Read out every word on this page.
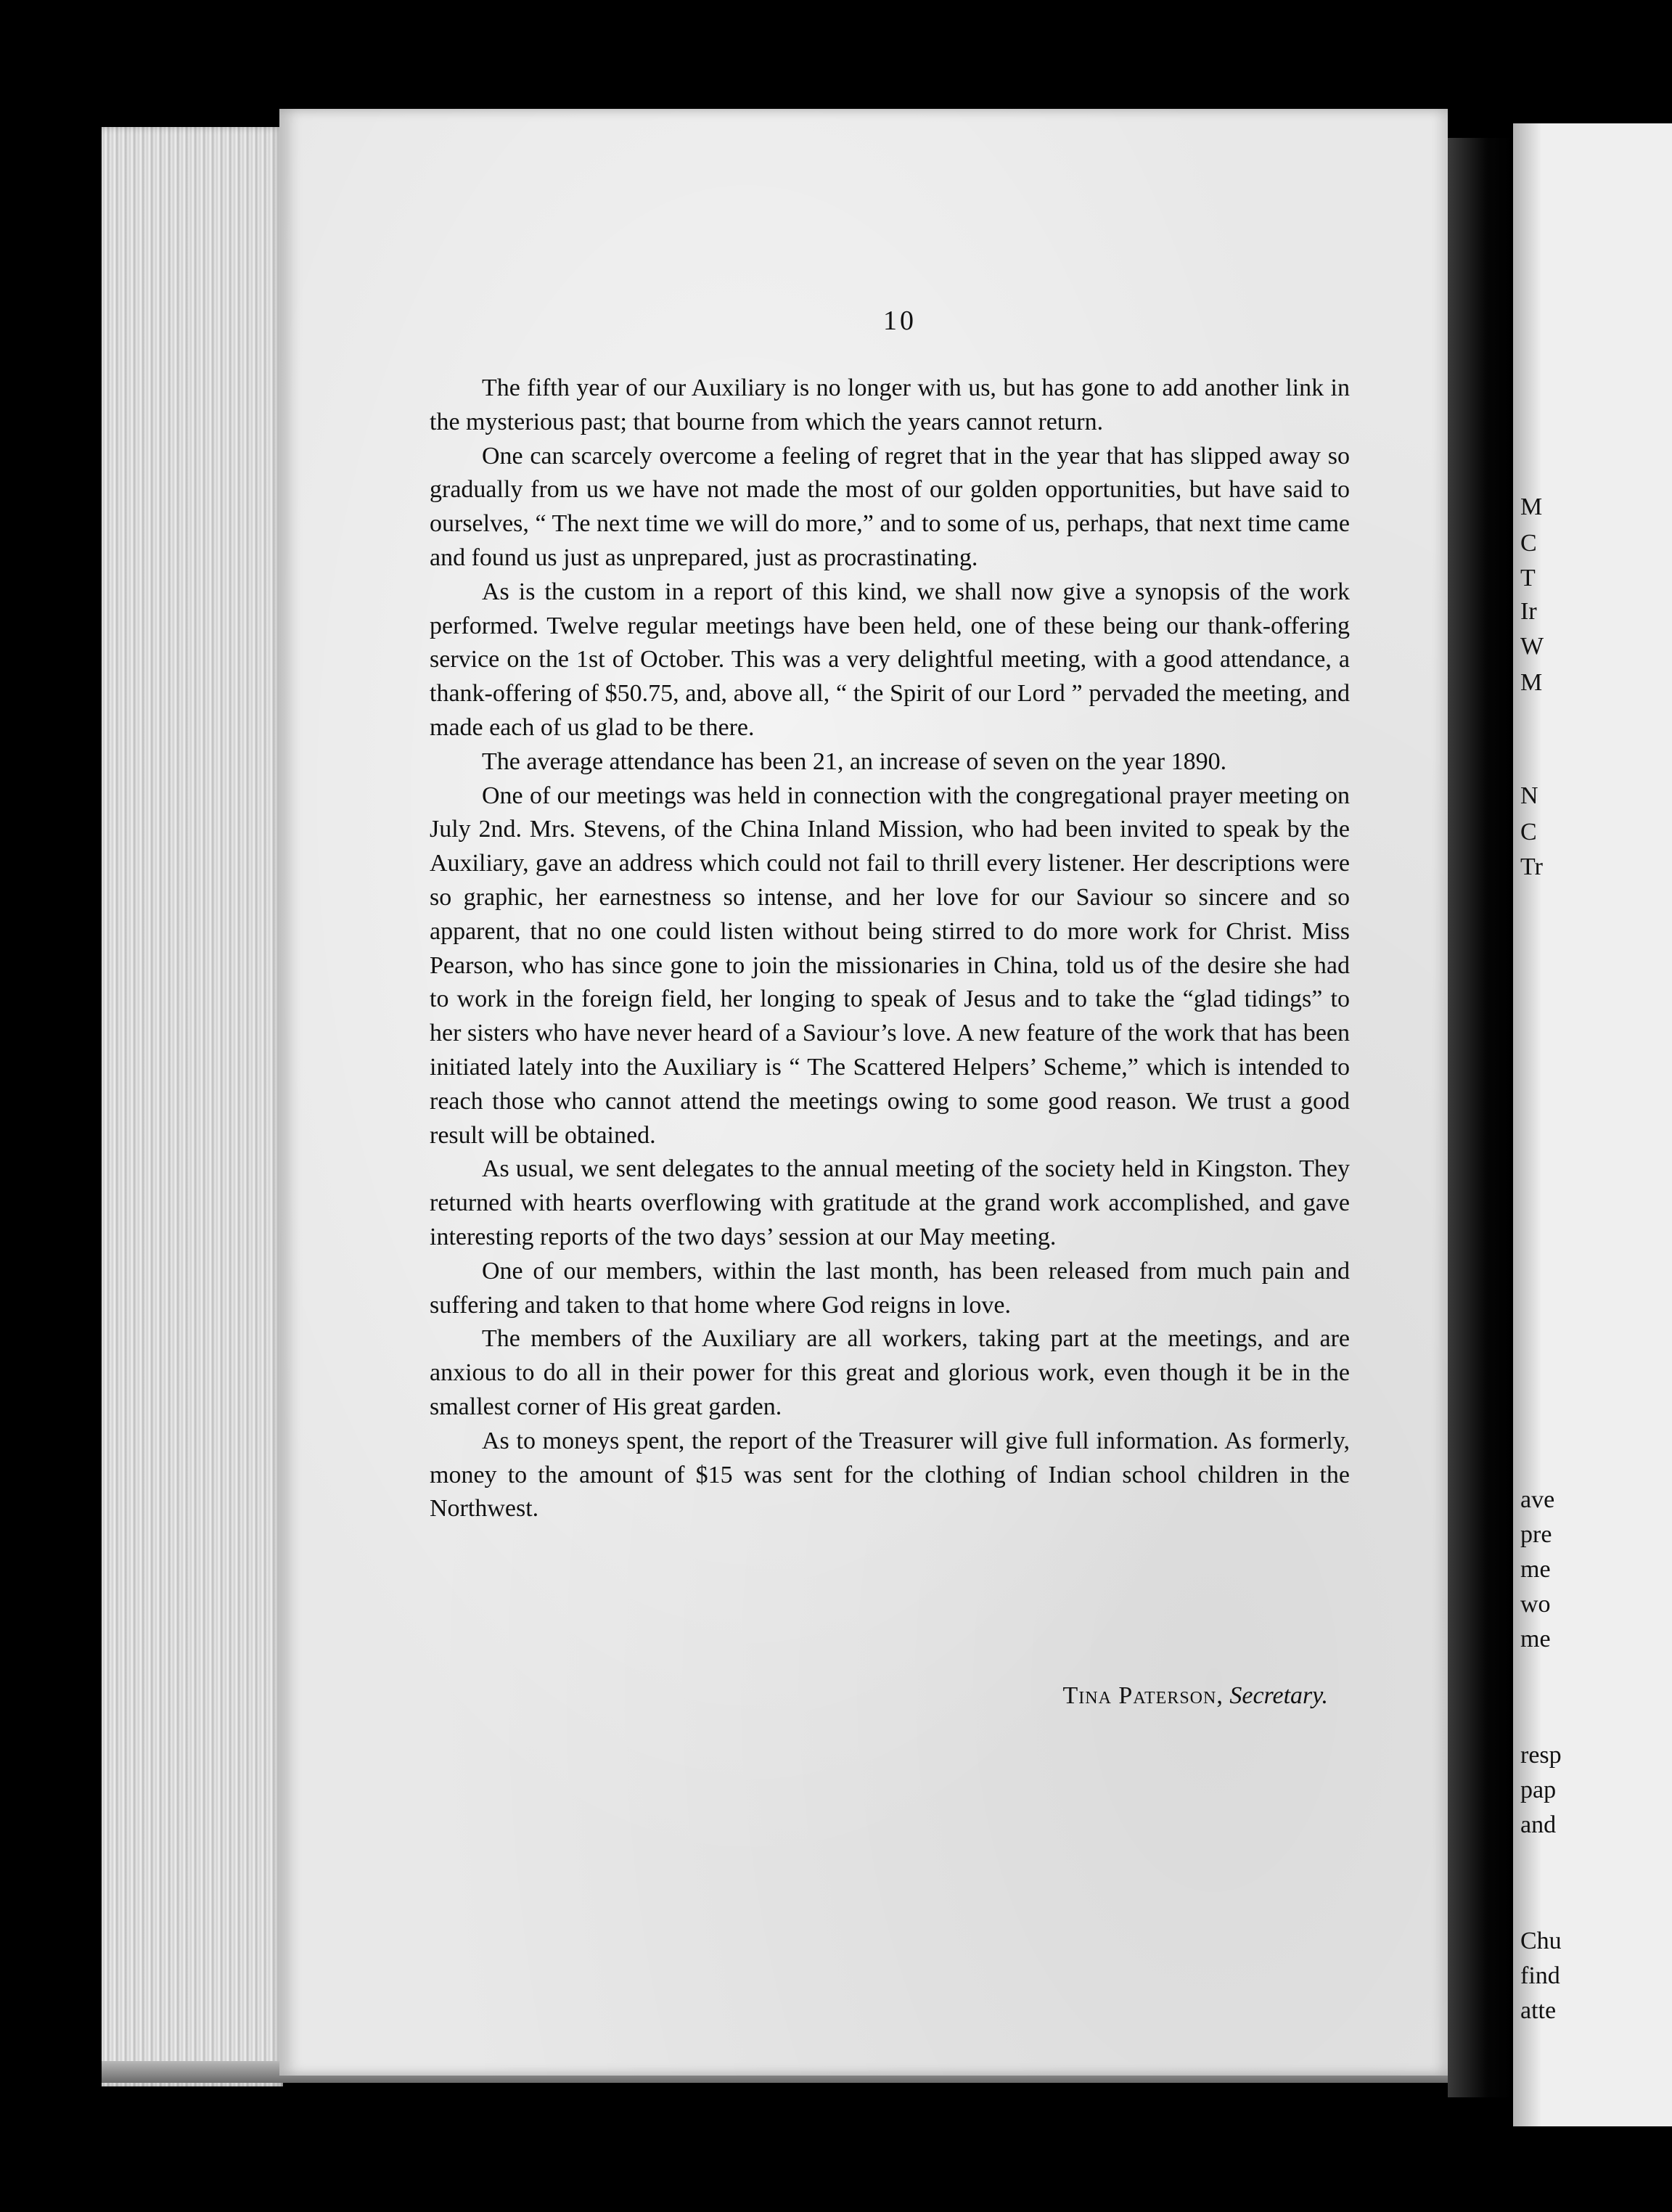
M
C
T
Ir
W
M
N
C
Tr
ave
pre
me
wo
me
resp
pap
and
Chu
find
atte
10

The fifth year of our Auxiliary is no longer with us, but has gone to add another link in the mysterious past; that bourne from which the years cannot return.

One can scarcely overcome a feeling of regret that in the year that has slipped away so gradually from us we have not made the most of our golden opportunities, but have said to ourselves, “ The next time we will do more,” and to some of us, perhaps, that next time came and found us just as unprepared, just as procrastinating.

As is the custom in a report of this kind, we shall now give a synopsis of the work performed. Twelve regular meetings have been held, one of these being our thank-offering service on the 1st of October. This was a very delightful meeting, with a good attendance, a thank-offering of $50.75, and, above all, “ the Spirit of our Lord ” pervaded the meeting, and made each of us glad to be there.

The average attendance has been 21, an increase of seven on the year 1890.

One of our meetings was held in connection with the congregational prayer meeting on July 2nd. Mrs. Stevens, of the China Inland Mission, who had been invited to speak by the Auxiliary, gave an address which could not fail to thrill every listener. Her descriptions were so graphic, her earnestness so intense, and her love for our Saviour so sincere and so apparent, that no one could listen without being stirred to do more work for Christ. Miss Pearson, who has since gone to join the missionaries in China, told us of the desire she had to work in the foreign field, her longing to speak of Jesus and to take the “glad tidings” to her sisters who have never heard of a Saviour’s love. A new feature of the work that has been initiated lately into the Auxiliary is “ The Scattered Helpers’ Scheme,” which is intended to reach those who cannot attend the meetings owing to some good reason. We trust a good result will be obtained.

As usual, we sent delegates to the annual meeting of the society held in Kingston. They returned with hearts overflowing with gratitude at the grand work accomplished, and gave interesting reports of the two days’ session at our May meeting.

One of our members, within the last month, has been released from much pain and suffering and taken to that home where God reigns in love.

The members of the Auxiliary are all workers, taking part at the meetings, and are anxious to do all in their power for this great and glorious work, even though it be in the smallest corner of His great garden.

As to moneys spent, the report of the Treasurer will give full information. As formerly, money to the amount of $15 was sent for the clothing of Indian school children in the Northwest.

Tina Paterson, Secretary.
